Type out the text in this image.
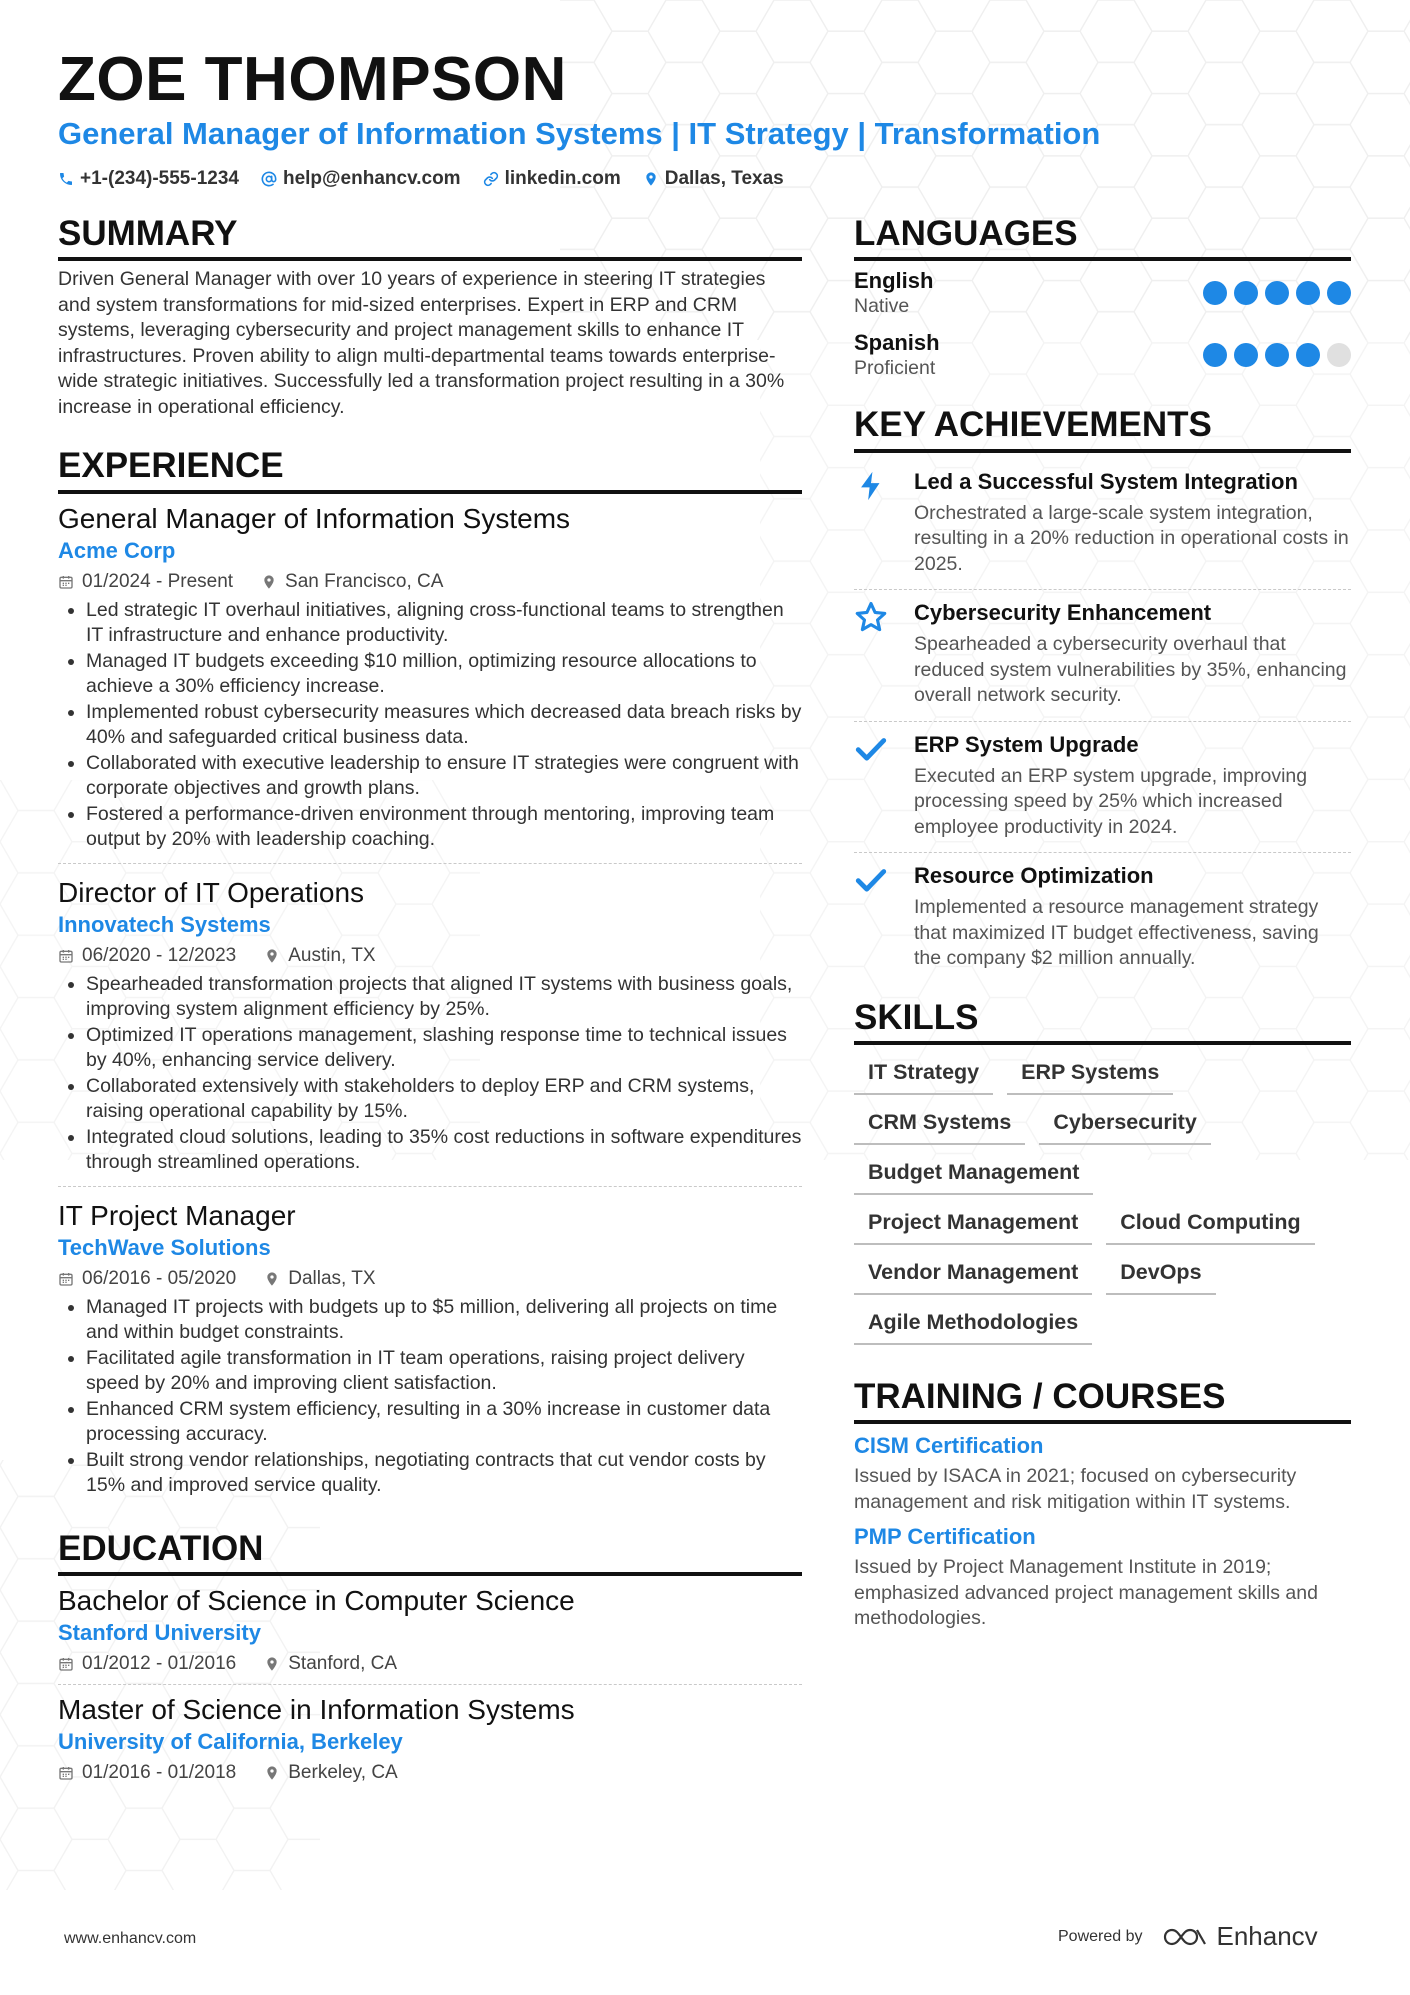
ZOE THOMPSON
General Manager of Information Systems | IT Strategy | Transformation
+1-(234)-555-1234 help@enhancv.com linkedin.com Dallas, Texas
SUMMARY

Driven General Manager with over 10 years of experience in steering IT strategies and system transformations for mid-sized enterprises. Expert in ERP and CRM systems, leveraging cybersecurity and project management skills to enhance IT infrastructures. Proven ability to align multi-departmental teams towards enterprise-wide strategic initiatives. Successfully led a transformation project resulting in a 30% increase in operational efficiency.

EXPERIENCE
General Manager of Information Systems
Acme Corp
01/2024 - Present	San Francisco, CA
• Led strategic IT overhaul initiatives, aligning cross-functional teams to strengthen IT infrastructure and enhance productivity.
• Managed IT budgets exceeding $10 million, optimizing resource allocations to achieve a 30% efficiency increase.
• Implemented robust cybersecurity measures which decreased data breach risks by 40% and safeguarded critical business data.
• Collaborated with executive leadership to ensure IT strategies were congruent with corporate objectives and growth plans.
• Fostered a performance-driven environment through mentoring, improving team output by 20% with leadership coaching.
Director of IT Operations
Innovatech Systems
06/2020 - 12/2023	Austin, TX
• Spearheaded transformation projects that aligned IT systems with business goals, improving system alignment efficiency by 25%.
• Optimized IT operations management, slashing response time to technical issues by 40%, enhancing service delivery.
• Collaborated extensively with stakeholders to deploy ERP and CRM systems, raising operational capability by 15%.
• Integrated cloud solutions, leading to 35% cost reductions in software expenditures through streamlined operations.
IT Project Manager
TechWave Solutions
06/2016 - 05/2020	Dallas, TX
• Managed IT projects with budgets up to $5 million, delivering all projects on time and within budget constraints.
• Facilitated agile transformation in IT team operations, raising project delivery speed by 20% and improving client satisfaction.
• Enhanced CRM system efficiency, resulting in a 30% increase in customer data processing accuracy.
• Built strong vendor relationships, negotiating contracts that cut vendor costs by 15% and improved service quality.
EDUCATION
Bachelor of Science in Computer Science
Stanford University
01/2012 - 01/2016	Stanford, CA
Master of Science in Information Systems
University of California, Berkeley
01/2016 - 01/2018	Berkeley, CA
LANGUAGES
English
Native
Spanish
Proficient
KEY ACHIEVEMENTS
Led a Successful System Integration
Orchestrated a large-scale system integration, resulting in a 20% reduction in operational costs in 2025.
Cybersecurity Enhancement
Spearheaded a cybersecurity overhaul that reduced system vulnerabilities by 35%, enhancing overall network security.
ERP System Upgrade
Executed an ERP system upgrade, improving processing speed by 25% which increased employee productivity in 2024.
Resource Optimization
Implemented a resource management strategy that maximized IT budget effectiveness, saving the company $2 million annually.
SKILLS
IT Strategy	ERP Systems
CRM Systems	Cybersecurity
Budget Management
Project Management	Cloud Computing
Vendor Management	DevOps
Agile Methodologies
TRAINING / COURSES
CISM Certification
Issued by ISACA in 2021; focused on cybersecurity management and risk mitigation within IT systems.
PMP Certification
Issued by Project Management Institute in 2019; emphasized advanced project management skills and methodologies.
www.enhancv.com	Powered by	Enhancv
